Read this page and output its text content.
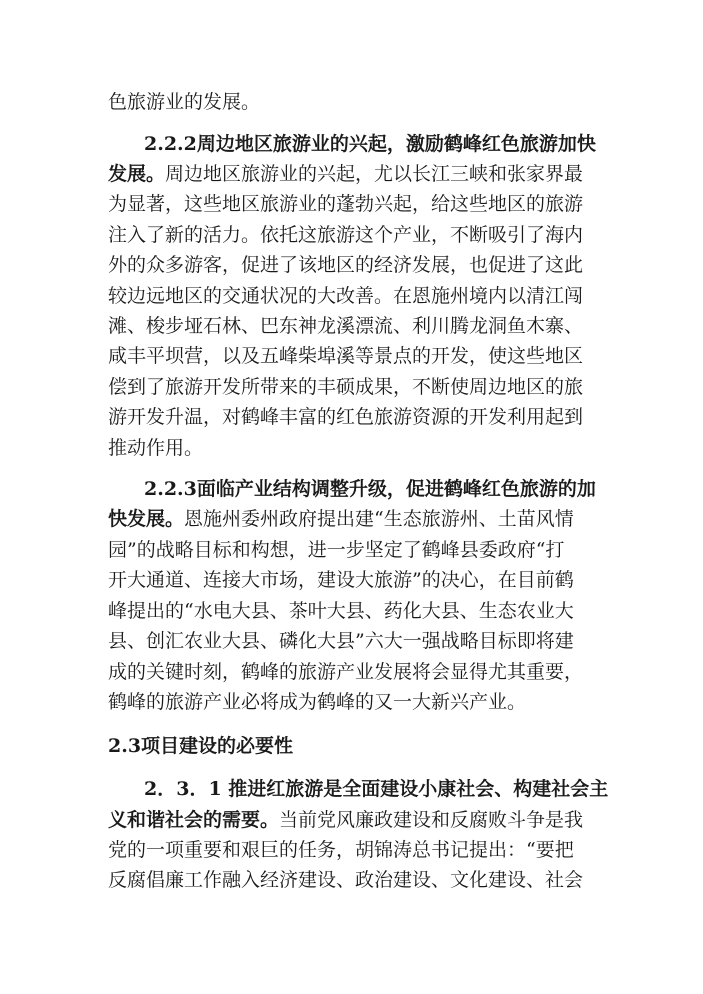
色旅游业的发展。
2.2.2周边地区旅游业的兴起，激励鹤峰红色旅游加快
发展。周边地区旅游业的兴起，尤以长江三峡和张家界最
为显著，这些地区旅游业的蓬勃兴起，给这些地区的旅游
注入了新的活力。依托这旅游这个产业，不断吸引了海内
外的众多游客，促进了该地区的经济发展，也促进了这此
较边远地区的交通状况的大改善。在恩施州境内以清江闯
滩、梭步垭石林、巴东神龙溪漂流、利川腾龙洞鱼木寨、
咸丰平坝营，以及五峰柴埠溪等景点的开发，使这些地区
偿到了旅游开发所带来的丰硕成果，不断使周边地区的旅
游开发升温，对鹤峰丰富的红色旅游资源的开发利用起到
推动作用。
2.2.3面临产业结构调整升级，促进鹤峰红色旅游的加
快发展。恩施州委州政府提出建“生态旅游州、土苗风情
园”的战略目标和构想，进一步坚定了鹤峰县委政府“打
开大通道、连接大市场，建设大旅游”的决心，在目前鹤
峰提出的“水电大县、茶叶大县、药化大县、生态农业大
县、创汇农业大县、磷化大县”六大一强战略目标即将建
成的关键时刻，鹤峰的旅游产业发展将会显得尤其重要，
鹤峰的旅游产业必将成为鹤峰的又一大新兴产业。
2.3项目建设的必要性
2．3．1 推进红旅游是全面建设小康社会、构建社会主
义和谐社会的需要。当前党风廉政建设和反腐败斗争是我
党的一项重要和艰巨的任务，胡锦涛总书记提出：“要把
反腐倡廉工作融入经济建设、政治建设、文化建设、社会
